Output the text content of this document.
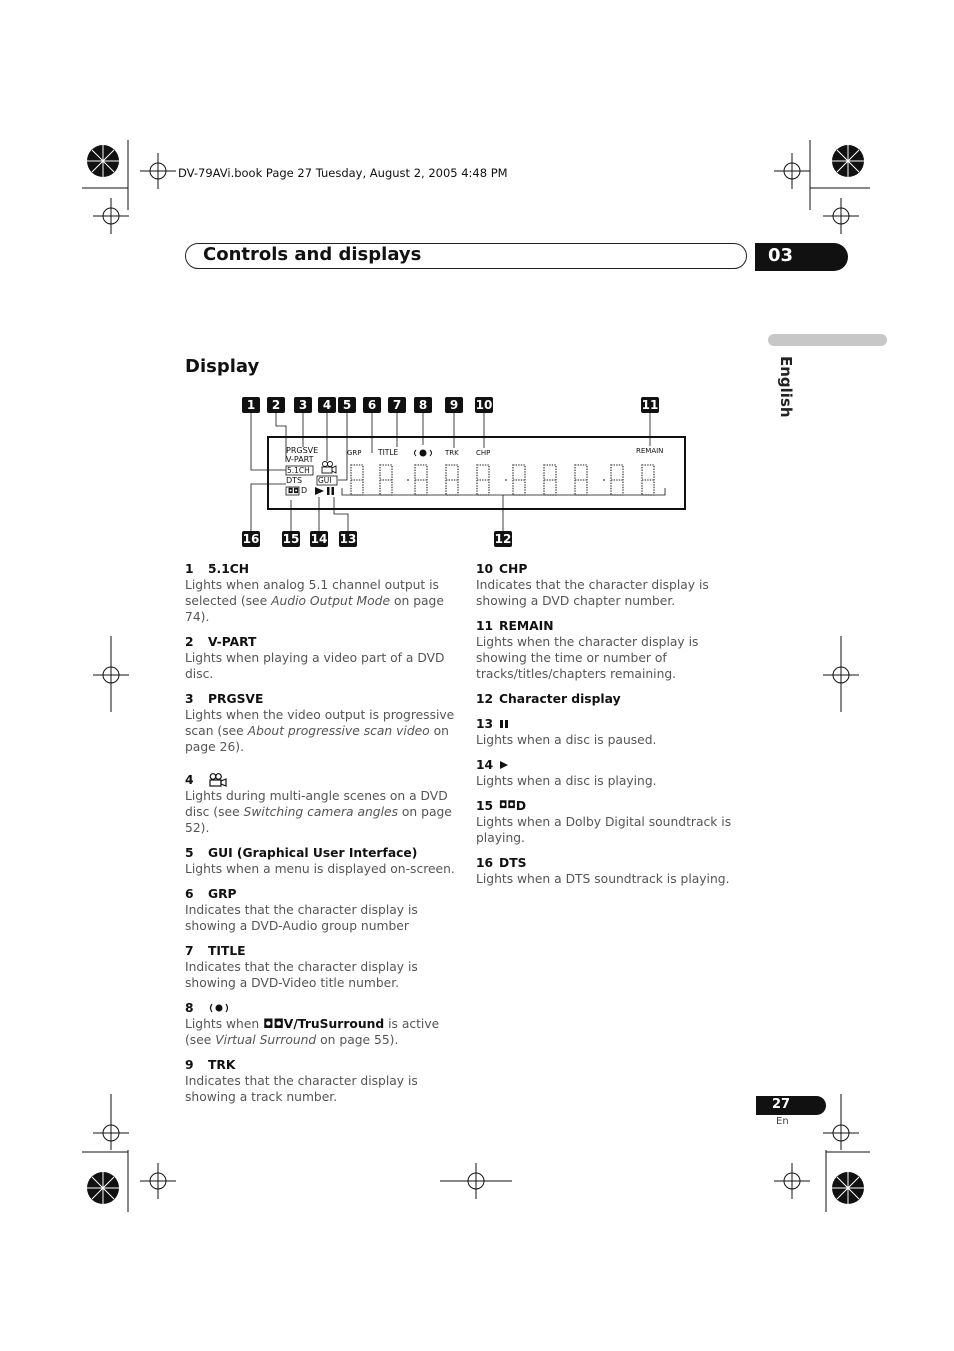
DV-79AVi.book Page 27 Tuesday, August 2, 2005 4:48 PM
Controls and displays	03
English
Display
1	2	3	4 5	6	7	8	9	10	11
16 15 14 13	12
PRGSVE
V-PART
5.1CH
DTS GUI
◘◘ D
GRP TITLE	TRK CHP	REMAIN
1	5.1CH
Lights when analog 5.1 channel output is selected (see Audio Output Mode on page 74).
2	V-PART
Lights when playing a video part of a DVD disc.
3	PRGSVE
Lights when the video output is progressive scan (see About progressive scan video on page 26).
4
Lights during multi-angle scenes on a DVD disc (see Switching camera angles on page 52).
5	GUI (Graphical User Interface)
Lights when a menu is displayed on-screen.
6	GRP
Indicates that the character display is showing a DVD-Audio group number
7	TITLE
Indicates that the character display is showing a DVD-Video title number.
8
Lights when ◘◘V/TruSurround is active (see Virtual Surround on page 55).
9	TRK
Indicates that the character display is showing a track number.
10 CHP
Indicates that the character display is showing a DVD chapter number.
11 REMAIN
Lights when the character display is showing the time or number of tracks/titles/chapters remaining.
12 Character display
13
Lights when a disc is paused.
14
Lights when a disc is playing.
15 ◘◘ D
Lights when a Dolby Digital soundtrack is playing.
16 DTS
Lights when a DTS soundtrack is playing.
27
En
